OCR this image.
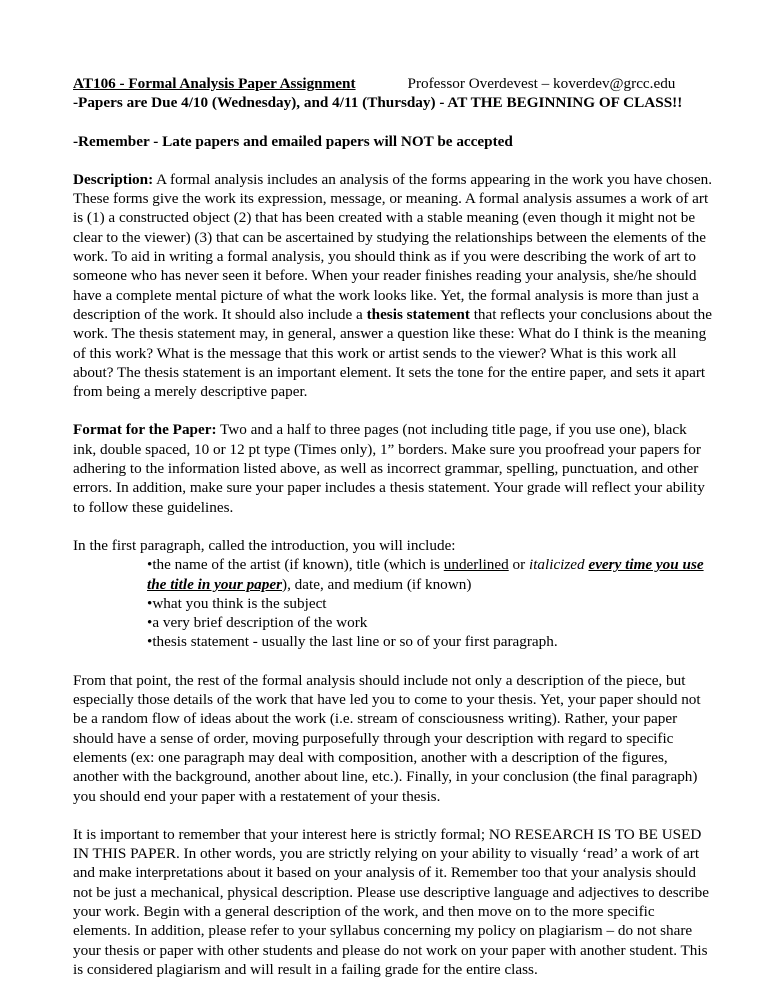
AT106 - Formal Analysis Paper Assignment	Professor Overdevest – koverdev@grcc.edu

-Papers are Due 4/10 (Wednesday), and 4/11 (Thursday) - AT THE BEGINNING OF CLASS!!

-Remember - Late papers and emailed papers will NOT be accepted

Description: A formal analysis includes an analysis of the forms appearing in the work you have chosen. These forms give the work its expression, message, or meaning. A formal analysis assumes a work of art is (1) a constructed object (2) that has been created with a stable meaning (even though it might not be clear to the viewer) (3) that can be ascertained by studying the relationships between the elements of the work. To aid in writing a formal analysis, you should think as if you were describing the work of art to someone who has never seen it before. When your reader finishes reading your analysis, she/he should have a complete mental picture of what the work looks like. Yet, the formal analysis is more than just a description of the work. It should also include a thesis statement that reflects your conclusions about the work. The thesis statement may, in general, answer a question like these: What do I think is the meaning of this work? What is the message that this work or artist sends to the viewer? What is this work all about? The thesis statement is an important element. It sets the tone for the entire paper, and sets it apart from being a merely descriptive paper.

Format for the Paper: Two and a half to three pages (not including title page, if you use one), black ink, double spaced, 10 or 12 pt type (Times only), 1” borders. Make sure you proofread your papers for adhering to the information listed above, as well as incorrect grammar, spelling, punctuation, and other errors. In addition, make sure your paper includes a thesis statement. Your grade will reflect your ability to follow these guidelines.

In the first paragraph, called the introduction, you will include:

•the name of the artist (if known), title (which is underlined or italicized every time you use the title in your paper), date, and medium (if known)
•what you think is the subject
•a very brief description of the work
•thesis statement - usually the last line or so of your first paragraph.

From that point, the rest of the formal analysis should include not only a description of the piece, but especially those details of the work that have led you to come to your thesis. Yet, your paper should not be a random flow of ideas about the work (i.e. stream of consciousness writing). Rather, your paper should have a sense of order, moving purposefully through your description with regard to specific elements (ex: one paragraph may deal with composition, another with a description of the figures, another with the background, another about line, etc.). Finally, in your conclusion (the final paragraph) you should end your paper with a restatement of your thesis.

It is important to remember that your interest here is strictly formal; NO RESEARCH IS TO BE USED IN THIS PAPER. In other words, you are strictly relying on your ability to visually ‘read’ a work of art and make interpretations about it based on your analysis of it. Remember too that your analysis should not be just a mechanical, physical description. Please use descriptive language and adjectives to describe your work. Begin with a general description of the work, and then move on to the more specific elements. In addition, please refer to your syllabus concerning my policy on plagiarism – do not share your thesis or paper with other students and please do not work on your paper with another student. This is considered plagiarism and will result in a failing grade for the entire class.
